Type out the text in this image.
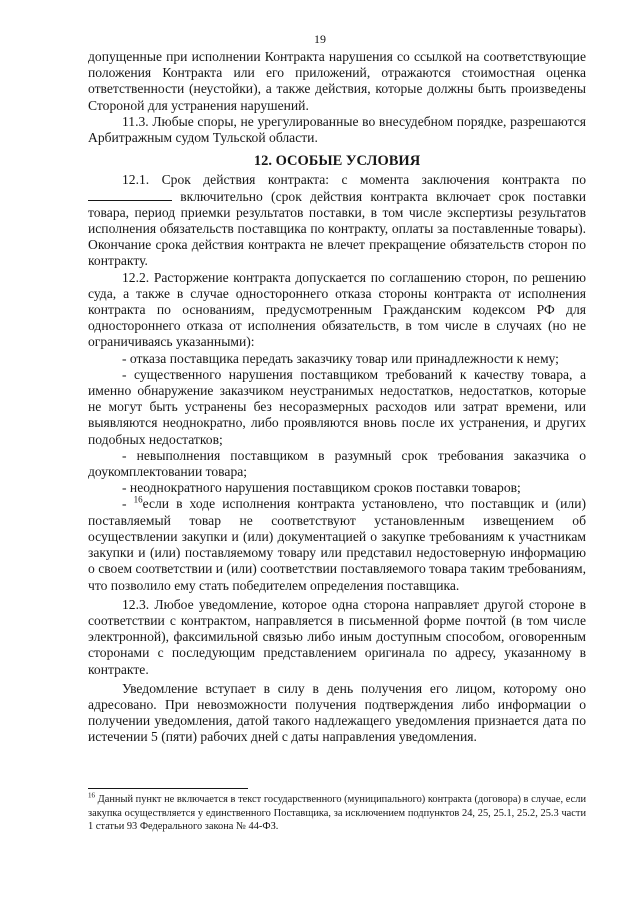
19

допущенные при исполнении Контракта нарушения со ссылкой на соответствующие положения Контракта или его приложений, отражаются стоимостная оценка ответственности (неустойки), а также действия, которые должны быть произведены Стороной для устранения нарушений.

11.3. Любые споры, не урегулированные во внесудебном порядке, разрешаются Арбитражным судом Тульской области.

12. ОСОБЫЕ УСЛОВИЯ

12.1. Срок действия контракта: с момента заключения контракта по  включительно (срок действия контракта включает срок поставки товара, период приемки результатов поставки, в том числе экспертизы результатов исполнения обязательств поставщика по контракту, оплаты за поставленные товары). Окончание срока действия контракта не влечет прекращение обязательств сторон по контракту.

12.2. Расторжение контракта допускается по соглашению сторон, по решению суда, а также в случае одностороннего отказа стороны контракта от исполнения контракта по основаниям, предусмотренным Гражданским кодексом РФ для одностороннего отказа от исполнения обязательств, в том числе в случаях (но не ограничиваясь указанными):

- отказа поставщика передать заказчику товар или принадлежности к нему;

- существенного нарушения поставщиком требований к качеству товара, а именно обнаружение заказчиком неустранимых недостатков, недостатков, которые не могут быть устранены без несоразмерных расходов или затрат времени, или выявляются неоднократно, либо проявляются вновь после их устранения, и других подобных недостатков;

- невыполнения поставщиком в разумный срок требования заказчика о доукомплектовании товара;

- неоднократного нарушения поставщиком сроков поставки товаров;

- $^{16}$если в ходе исполнения контракта установлено, что поставщик и (или) поставляемый товар не соответствуют установленным извещением об осуществлении закупки и (или) документацией о закупке требованиям к участникам закупки и (или) поставляемому товару или представил недостоверную информацию о своем соответствии и (или) соответствии поставляемого товара таким требованиям, что позволило ему стать победителем определения поставщика.

12.3. Любое уведомление, которое одна сторона направляет другой стороне в соответствии с контрактом, направляется в письменной форме почтой (в том числе электронной), факсимильной связью либо иным доступным способом, оговоренным сторонами с последующим представлением оригинала по адресу, указанному в контракте.

Уведомление вступает в силу в день получения его лицом, которому оно адресовано. При невозможности получения подтверждения либо информации о получении уведомления, датой такого надлежащего уведомления признается дата по истечении 5 (пяти) рабочих дней с даты направления уведомления.

$^{16}$ Данный пункт не включается в текст государственного (муниципального) контракта (договора) в случае, если закупка осуществляется у единственного Поставщика, за исключением подпунктов 24, 25, 25.1, 25.2, 25.3 части 1 статьи 93 Федерального закона № 44-ФЗ.
